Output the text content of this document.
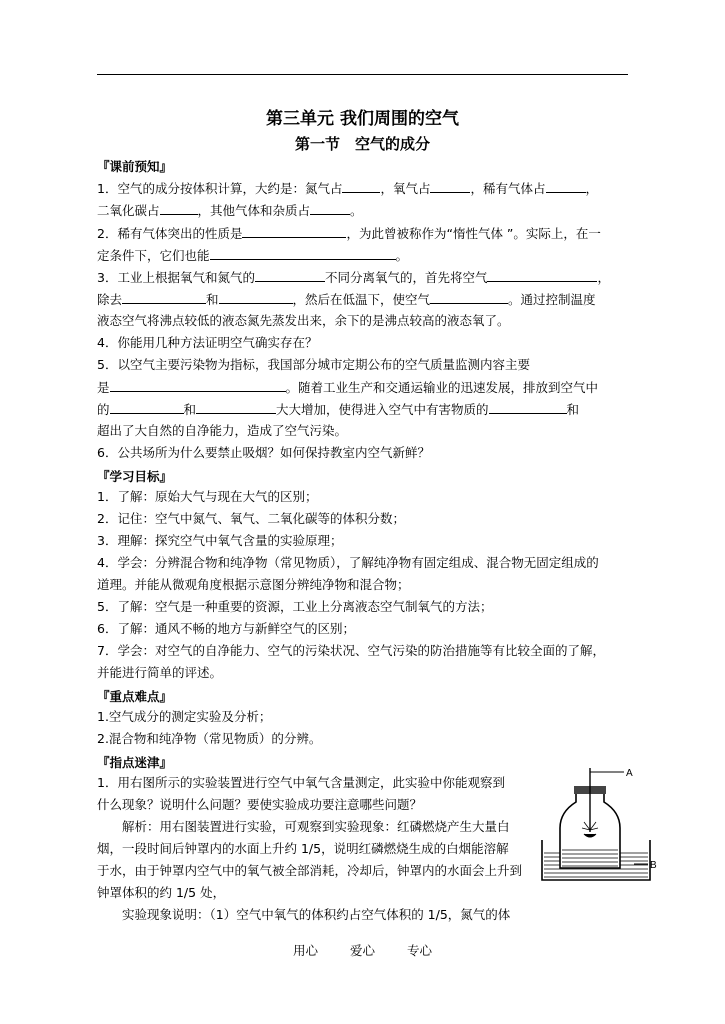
第三单元 我们周围的空气
第一节　空气的成分
『课前预知』
1．空气的成分按体积计算，大约是：氮气占	，氧气占	，稀有气体占	，
二氧化碳占	，其他气体和杂质占	。
2．稀有气体突出的性质是	，为此曾被称作为“惰性气体 ”。实际上，在一
定条件下，它们也能	。
3．工业上根据氧气和氮气的	不同分离氧气的，首先将空气	，
除去	和	，然后在低温下，使空气	。通过控制温度
液态空气将沸点较低的液态氮先蒸发出来，余下的是沸点较高的液态氧了。
4．你能用几种方法证明空气确实存在？
5．以空气主要污染物为指标，我国部分城市定期公布的空气质量监测内容主要
是	。随着工业生产和交通运输业的迅速发展，排放到空气中
的	和	大大增加，使得进入空气中有害物质的	和
超出了大自然的自净能力，造成了空气污染。
6．公共场所为什么要禁止吸烟？如何保持教室内空气新鲜？
『学习目标』
1．了解：原始大气与现在大气的区别；
2．记住：空气中氮气、氧气、二氧化碳等的体积分数；
3．理解：探究空气中氧气含量的实验原理；
4．学会：分辨混合物和纯净物（常见物质），了解纯净物有固定组成、混合物无固定组成的
道理。并能从微观角度根据示意图分辨纯净物和混合物；
5．了解：空气是一种重要的资源，工业上分离液态空气制氧气的方法；
6．了解：通风不畅的地方与新鲜空气的区别；
7．学会：对空气的自净能力、空气的污染状况、空气污染的防治措施等有比较全面的了解，
并能进行简单的评述。
『重点难点』
1.空气成分的测定实验及分析；
2.混合物和纯净物（常见物质）的分辨。
『指点迷津』
1．用右图所示的实验装置进行空气中氧气含量测定，此实验中你能观察到
什么现象？说明什么问题？要使实验成功要注意哪些问题？
　　解析：用右图装置进行实验，可观察到实验现象：红磷燃烧产生大量白
烟，一段时间后钟罩内的水面上升约 1/5，说明红磷燃烧生成的白烟能溶解
于水，由于钟罩内空气中的氧气被全部消耗，冷却后，钟罩内的水面会上升到
钟罩体积的约 1/5 处，
　　实验现象说明：（1）空气中氧气的体积约占空气体积的 1/5，氮气的体
A
B
用心	爱心	专心
